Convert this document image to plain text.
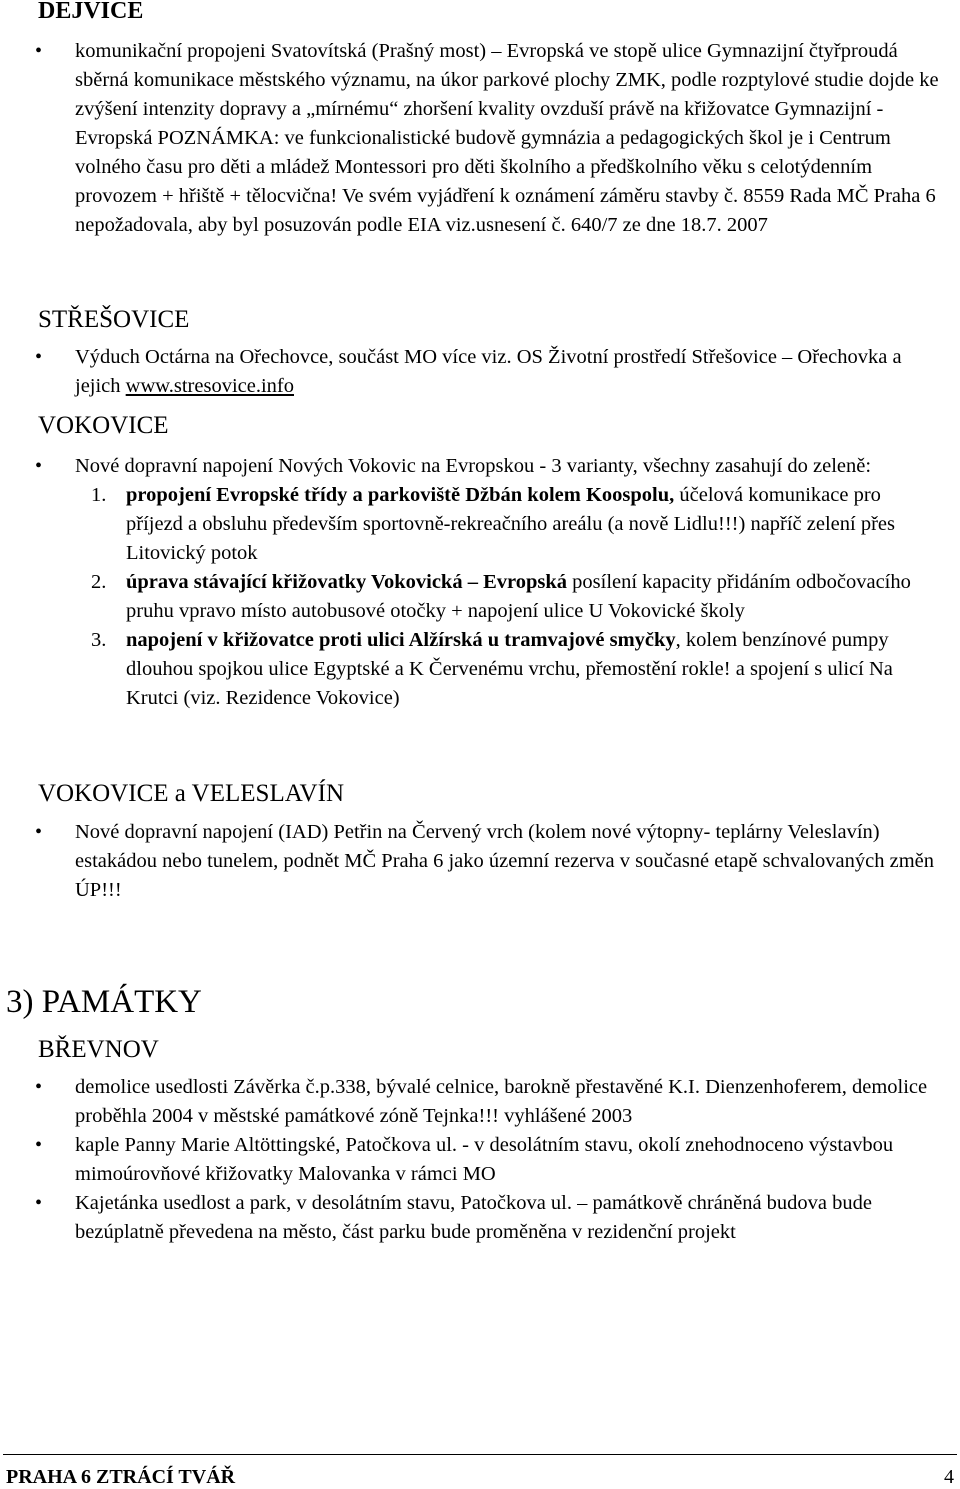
DEJVICE
• komunikační propojeni Svatovítská (Prašný most) – Evropská ve stopě ulice Gymnazijní čtyřproudá sběrná komunikace městského významu, na úkor parkové plochy ZMK, podle rozptylové studie dojde ke zvýšení intenzity dopravy a „mírnému“ zhoršení kvality ovzduší právě na křižovatce Gymnazijní - Evropská POZNÁMKA: ve funkcionalistické budově gymnázia a pedagogických škol je i Centrum volného času pro děti a mládež Montessori pro děti školního a předškolního věku s celotýdenním provozem + hřiště + tělocvična! Ve svém vyjádření k oznámení záměru stavby č. 8559 Rada MČ Praha 6 nepožadovala, aby byl posuzován podle EIA viz.usnesení č. 640/7 ze dne 18.7. 2007
STŘEŠOVICE
• Výduch Octárna na Ořechovce, součást MO více viz. OS Životní prostředí Střešovice – Ořechovka a jejich www.stresovice.info
VOKOVICE
• Nové dopravní napojení Nových Vokovic na Evropskou - 3 varianty, všechny zasahují do zeleně:
1. propojení Evropské třídy a parkoviště Džbán kolem Koospolu, účelová komunikace pro příjezd a obsluhu především sportovně-rekreačního areálu (a nově Lidlu!!!) napříč zelení přes Litovický potok
2. úprava stávající křižovatky Vokovická – Evropská posílení kapacity přidáním odbočovacího pruhu vpravo místo autobusové otočky + napojení ulice U Vokovické školy
3. napojení v křižovatce proti ulici Alžírská u tramvajové smyčky, kolem benzínové pumpy dlouhou spojkou ulice Egyptské a K Červenému vrchu, přemostění rokle! a spojení s ulicí Na Krutci (viz. Rezidence Vokovice)
VOKOVICE a VELESLAVÍN
• Nové dopravní napojení (IAD) Petřin na Červený vrch (kolem nové výtopny- teplárny Veleslavín) estakádou nebo tunelem, podnět MČ Praha 6 jako územní rezerva v současné etapě schvalovaných změn ÚP!!!
3) PAMÁTKY
BŘEVNOV
• demolice usedlosti Závěrka č.p.338, bývalé celnice, barokně přestavěné K.I. Dienzenhoferem, demolice proběhla 2004 v městské památkové zóně Tejnka!!! vyhlášené 2003
• kaple Panny Marie Altöttingské, Patočkova ul. - v desolátním stavu, okolí znehodnoceno výstavbou mimoúrovňové křižovatky Malovanka v rámci MO
• Kajetánka usedlost a park, v desolátním stavu, Patočkova ul. – památkově chráněná budova bude bezúplatně převedena na město, část parku bude proměněna v rezidenční projekt
PRAHA 6 ZTRÁCÍ TVÁŘ	4
